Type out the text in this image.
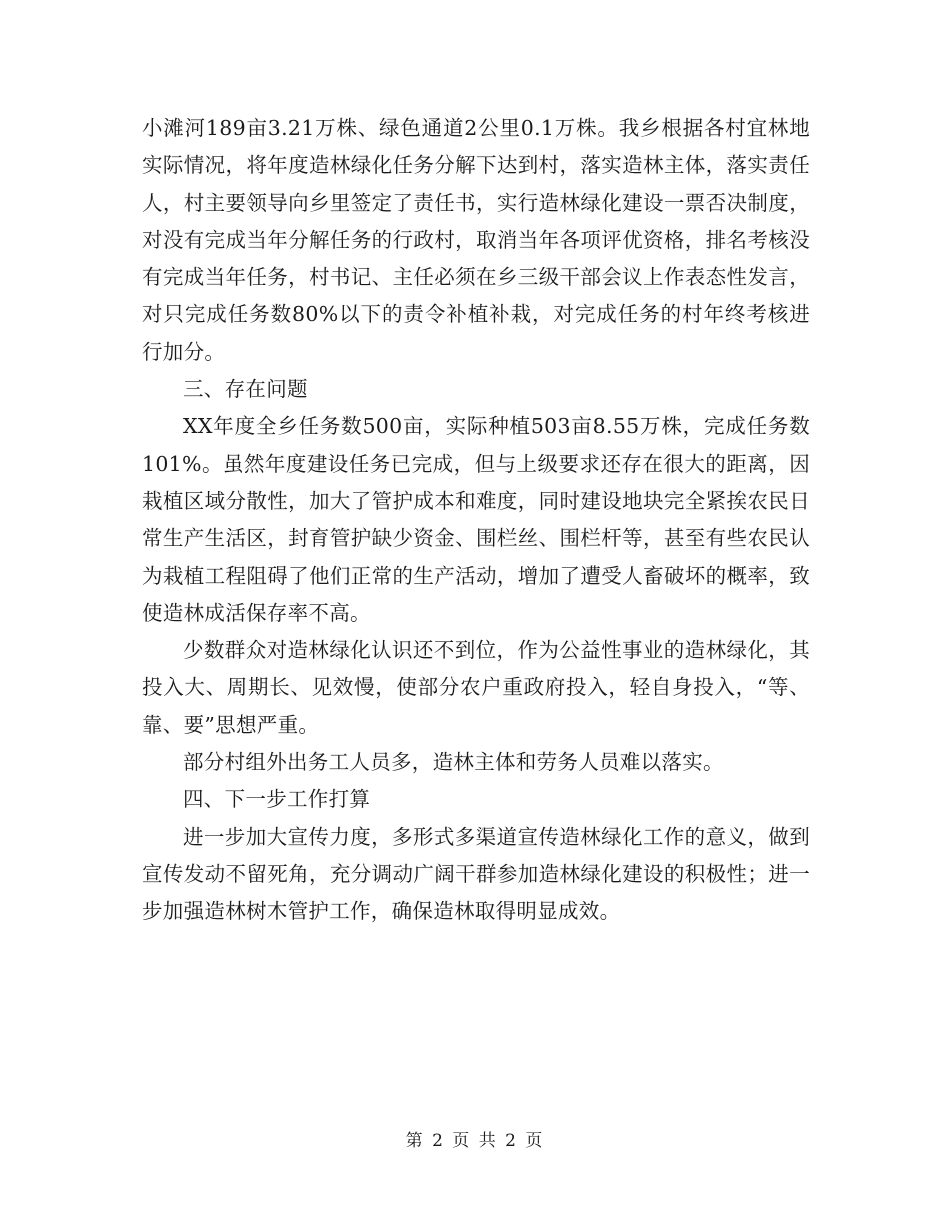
小滩河189亩3.21万株、绿色通道2公里0.1万株。我乡根据各村宜林地实际情况，将年度造林绿化任务分解下达到村，落实造林主体，落实责任人，村主要领导向乡里签定了责任书，实行造林绿化建设一票否决制度，对没有完成当年分解任务的行政村，取消当年各项评优资格，排名考核没有完成当年任务，村书记、主任必须在乡三级干部会议上作表态性发言，对只完成任务数80%以下的责令补植补栽，对完成任务的村年终考核进行加分。

三、存在问题

XX年度全乡任务数500亩，实际种植503亩8.55万株，完成任务数101%。虽然年度建设任务已完成，但与上级要求还存在很大的距离，因栽植区域分散性，加大了管护成本和难度，同时建设地块完全紧挨农民日常生产生活区，封育管护缺少资金、围栏丝、围栏杆等，甚至有些农民认为栽植工程阻碍了他们正常的生产活动，增加了遭受人畜破坏的概率，致使造林成活保存率不高。

少数群众对造林绿化认识还不到位，作为公益性事业的造林绿化，其投入大、周期长、见效慢，使部分农户重政府投入，轻自身投入，“等、靠、要”思想严重。

部分村组外出务工人员多，造林主体和劳务人员难以落实。

四、下一步工作打算

进一步加大宣传力度，多形式多渠道宣传造林绿化工作的意义，做到宣传发动不留死角，充分调动广阔干群参加造林绿化建设的积极性；进一步加强造林树木管护工作，确保造林取得明显成效。

第 2 页 共 2 页
